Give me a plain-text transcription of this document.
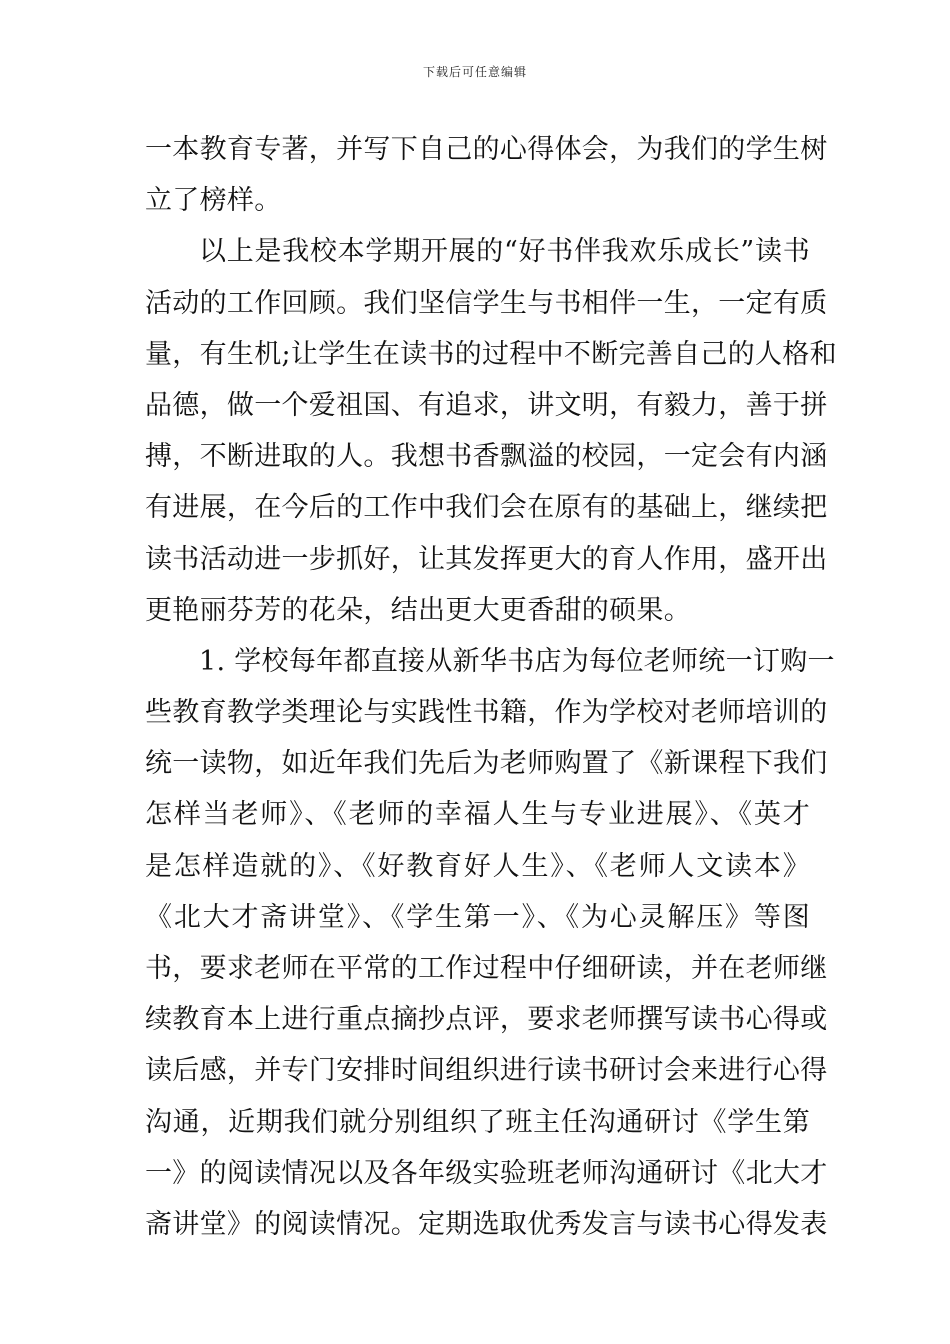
下载后可任意编辑
一本教育专著，并写下自己的心得体会，为我们的学生树
立了榜样。
以上是我校本学期开展的“好书伴我欢乐成长”读书
活动的工作回顾。我们坚信学生与书相伴一生，一定有质
量，有生机;让学生在读书的过程中不断完善自己的人格和
品德，做一个爱祖国、有追求，讲文明，有毅力，善于拼
搏，不断进取的人。我想书香飘溢的校园，一定会有内涵
有进展，在今后的工作中我们会在原有的基础上，继续把
读书活动进一步抓好，让其发挥更大的育人作用，盛开出
更艳丽芬芳的花朵，结出更大更香甜的硕果。
1. 学校每年都直接从新华书店为每位老师统一订购一
些教育教学类理论与实践性书籍，作为学校对老师培训的
统一读物，如近年我们先后为老师购置了《新课程下我们
怎样当老师》、《老师的幸福人生与专业进展》、《英才
是怎样造就的》、《好教育好人生》、《老师人文读本》
《北大才斋讲堂》、《学生第一》、《为心灵解压》等图
书，要求老师在平常的工作过程中仔细研读，并在老师继
续教育本上进行重点摘抄点评，要求老师撰写读书心得或
读后感，并专门安排时间组织进行读书研讨会来进行心得
沟通，近期我们就分别组织了班主任沟通研讨《学生第
一》的阅读情况以及各年级实验班老师沟通研讨《北大才
斋讲堂》的阅读情况。定期选取优秀发言与读书心得发表
